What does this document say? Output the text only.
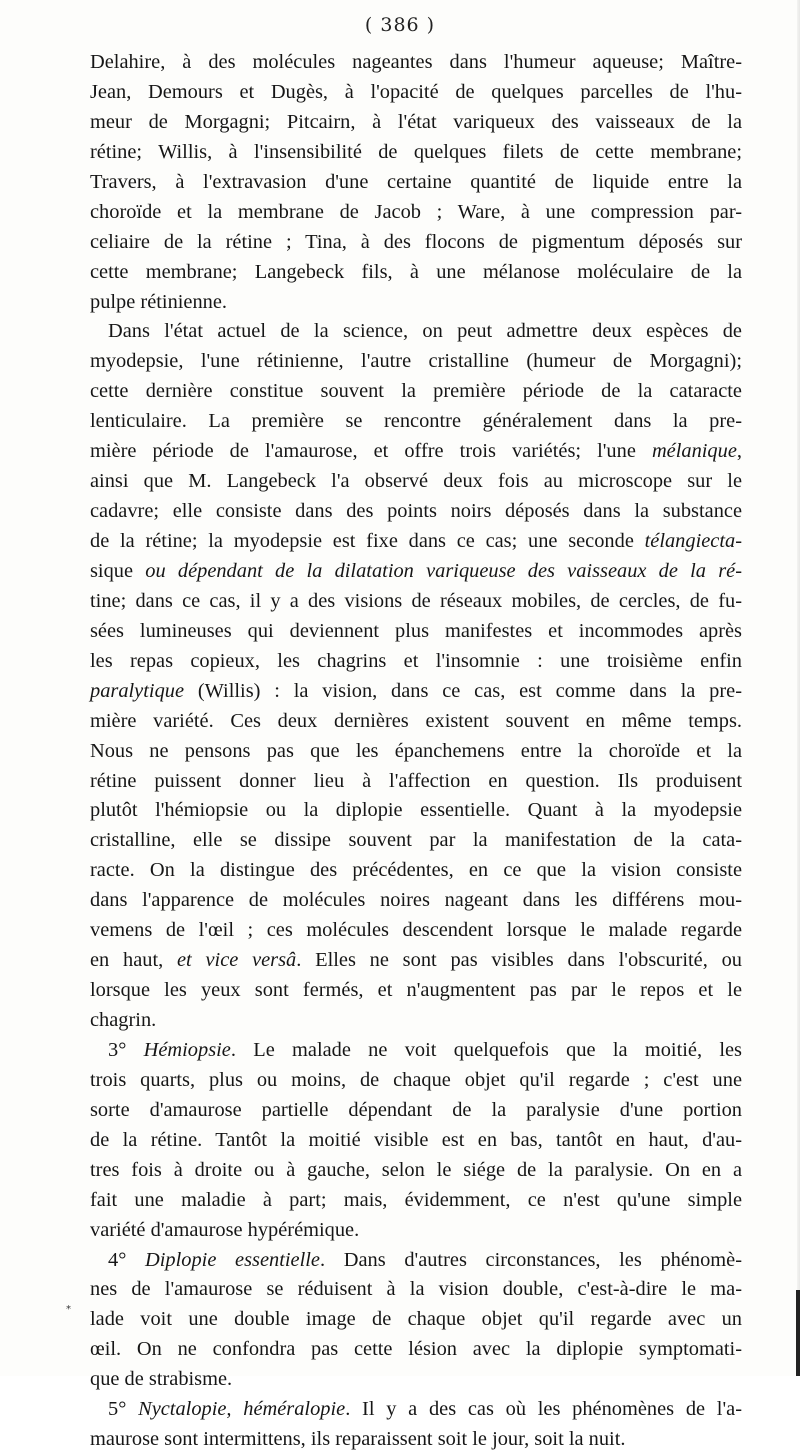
( 386 )
Delahire, à des molécules nageantes dans l'humeur aqueuse; Maître-
Jean, Demours et Dugès, à l'opacité de quelques parcelles de l'hu-
meur de Morgagni; Pitcairn, à l'état variqueux des vaisseaux de la
rétine; Willis, à l'insensibilité de quelques filets de cette membrane;
Travers, à l'extravasion d'une certaine quantité de liquide entre la
choroïde et la membrane de Jacob ; Ware, à une compression par-
celiaire de la rétine ; Tina, à des flocons de pigmentum déposés sur
cette membrane; Langebeck fils, à une mélanose moléculaire de la
pulpe rétinienne.
Dans l'état actuel de la science, on peut admettre deux espèces de
myodepsie, l'une rétinienne, l'autre cristalline (humeur de Morgagni);
cette dernière constitue souvent la première période de la cataracte
lenticulaire. La première se rencontre généralement dans la pre-
mière période de l'amaurose, et offre trois variétés; l'une mélanique,
ainsi que M. Langebeck l'a observé deux fois au microscope sur le
cadavre; elle consiste dans des points noirs déposés dans la substance
de la rétine; la myodepsie est fixe dans ce cas; une seconde télangiecta-
sique ou dépendant de la dilatation variqueuse des vaisseaux de la ré-
tine; dans ce cas, il y a des visions de réseaux mobiles, de cercles, de fu-
sées lumineuses qui deviennent plus manifestes et incommodes après
les repas copieux, les chagrins et l'insomnie : une troisième enfin
paralytique (Willis) : la vision, dans ce cas, est comme dans la pre-
mière variété. Ces deux dernières existent souvent en même temps.
Nous ne pensons pas que les épanchemens entre la choroïde et la
rétine puissent donner lieu à l'affection en question. Ils produisent
plutôt l'hémiopsie ou la diplopie essentielle. Quant à la myodepsie
cristalline, elle se dissipe souvent par la manifestation de la cata-
racte. On la distingue des précédentes, en ce que la vision consiste
dans l'apparence de molécules noires nageant dans les différens mou-
vemens de l'œil ; ces molécules descendent lorsque le malade regarde
en haut, et vice versâ. Elles ne sont pas visibles dans l'obscurité, ou
lorsque les yeux sont fermés, et n'augmentent pas par le repos et le
chagrin.
3° Hémiopsie. Le malade ne voit quelquefois que la moitié, les
trois quarts, plus ou moins, de chaque objet qu'il regarde ; c'est une
sorte d'amaurose partielle dépendant de la paralysie d'une portion
de la rétine. Tantôt la moitié visible est en bas, tantôt en haut, d'au-
tres fois à droite ou à gauche, selon le siége de la paralysie. On en a
fait une maladie à part; mais, évidemment, ce n'est qu'une simple
variété d'amaurose hypérémique.
4° Diplopie essentielle. Dans d'autres circonstances, les phénomè-
nes de l'amaurose se réduisent à la vision double, c'est-à-dire le ma-
lade voit une double image de chaque objet qu'il regarde avec un
œil. On ne confondra pas cette lésion avec la diplopie symptomati-
que de strabisme.
5° Nyctalopie, héméralopie. Il y a des cas où les phénomènes de l'a-
maurose sont intermittens, ils reparaissent soit le jour, soit la nuit.
*
